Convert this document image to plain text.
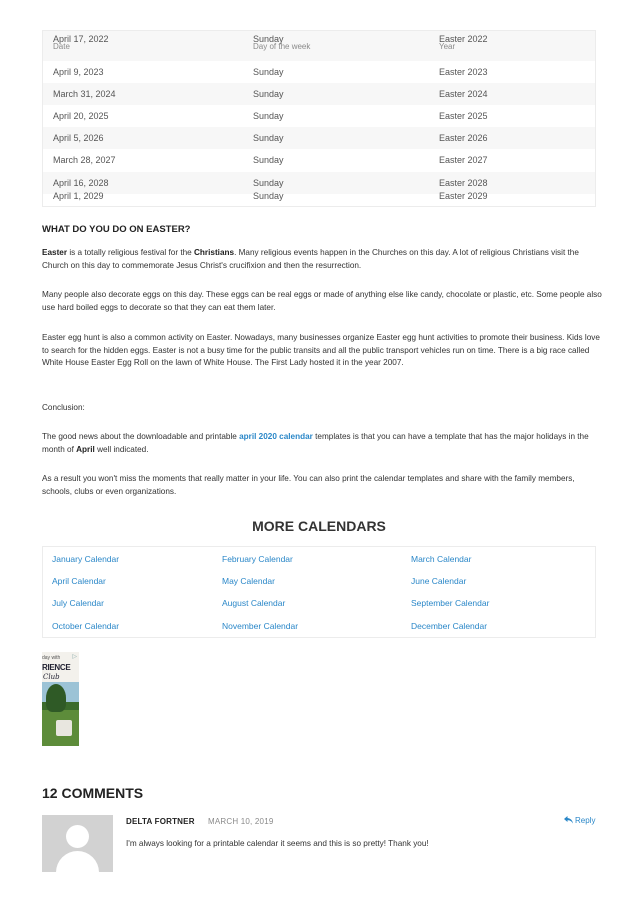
April 17, 2022	Sunday	Easter 2022
Date	Day of the week	Year
April 9, 2023	Sunday	Easter 2023
March 31, 2024	Sunday	Easter 2024
April 20, 2025	Sunday	Easter 2025
April 5, 2026	Sunday	Easter 2026
March 28, 2027	Sunday	Easter 2027
April 16, 2028	Sunday	Easter 2028
April 1, 2029	Sunday	Easter 2029
WHAT DO YOU DO ON EASTER?
Easter is a totally religious festival for the Christians. Many religious events happen in the Churches on this day. A lot of religious Christians visit the Church on this day to commemorate Jesus Christ's crucifixion and then the resurrection.
Many people also decorate eggs on this day. These eggs can be real eggs or made of anything else like candy, chocolate or plastic, etc. Some people also use hard boiled eggs to decorate so that they can eat them later.
Easter egg hunt is also a common activity on Easter. Nowadays, many businesses organize Easter egg hunt activities to promote their business. Kids love to search for the hidden eggs. Easter is not a busy time for the public transits and all the public transport vehicles run on time. There is a big race called White House Easter Egg Roll on the lawn of White House. The First Lady hosted it in the year 2007.
Conclusion:
The good news about the downloadable and printable april 2020 calendar templates is that you can have a template that has the major holidays in the month of April well indicated.
As a result you won't miss the moments that really matter in your life. You can also print the calendar templates and share with the family members, schools, clubs or even organizations.
MORE CALENDARS
January Calendar	February Calendar	March Calendar
April Calendar	May Calendar	June Calendar
July Calendar	August Calendar	September Calendar
October Calendar	November Calendar	December Calendar
day with
RIENCE
Club
▷
12 COMMENTS
DELTA FORTNER MARCH 10, 2019	Reply
I'm always looking for a printable calendar it seems and this is so pretty! Thank you!
